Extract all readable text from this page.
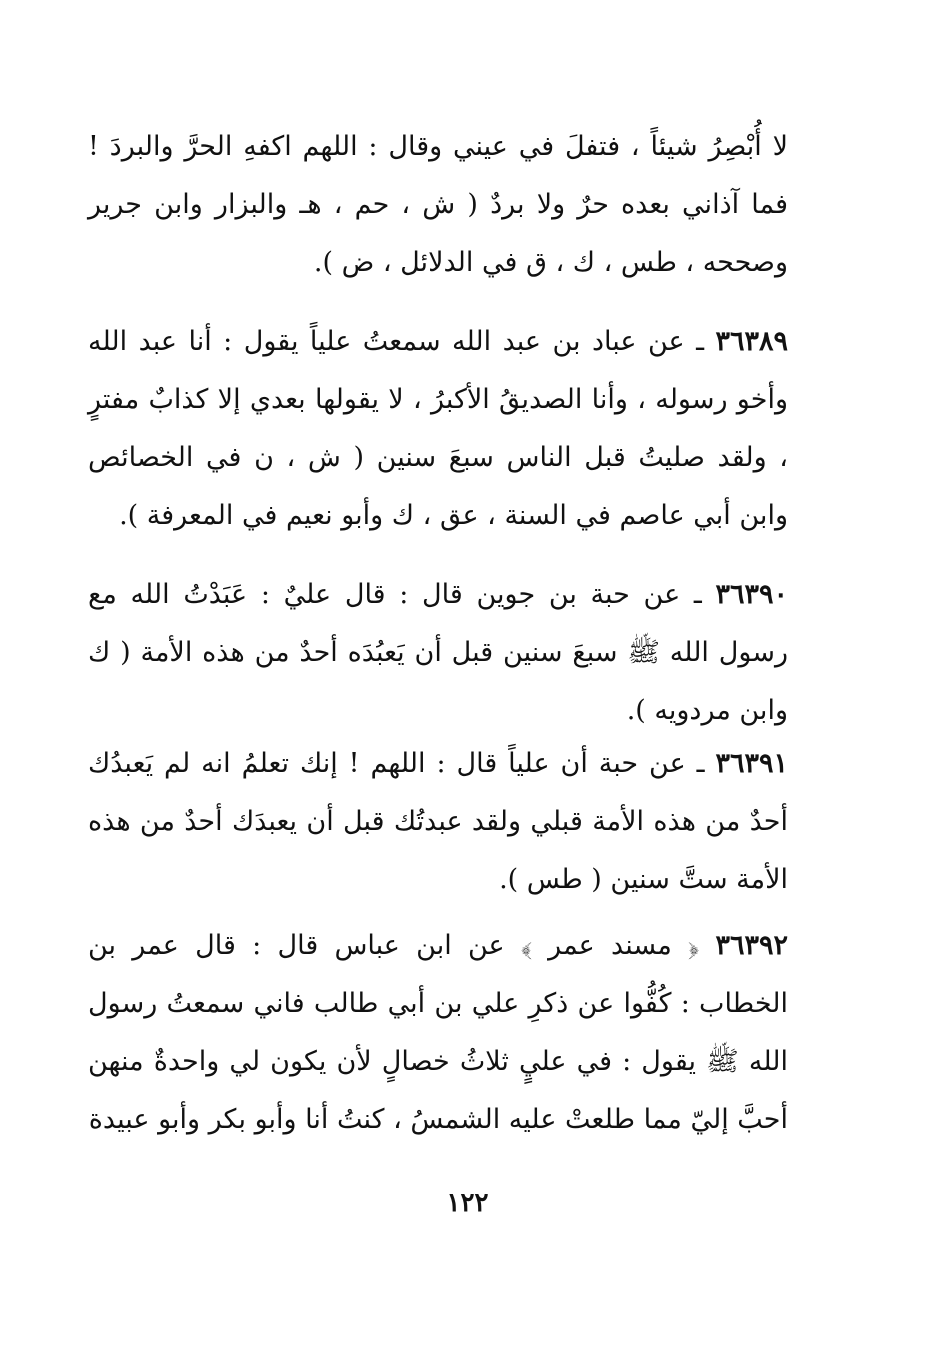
لا أُبْصِرُ شيئاً ، فتفلَ في عيني وقال : اللهم اكفهِ الحرَّ والبردَ ! فما آذاني بعده حرٌ ولا بردٌ ( ش ، حم ، هـ والبزار وابن جرير وصححه ، طس ، ك ، ق في الدلائل ، ض ).

٣٦٣٨٩ ـ عن عباد بن عبد الله سمعتُ علياً يقول : أنا عبد الله وأخو رسوله ، وأنا الصديقُ الأكبرُ ، لا يقولها بعدي إلا كذابٌ مفترٍ ، ولقد صليتُ قبل الناس سبعَ سنين ( ش ، ن في الخصائص وابن أبي عاصم في السنة ، عق ، ك وأبو نعيم في المعرفة ).

٣٦٣٩٠ ـ عن حبة بن جوين قال : قال عليٌ : عَبَدْتُ الله مع رسول الله ﷺ سبعَ سنين قبل أن يَعبُدَه أحدٌ من هذه الأمة ( ك وابن مردويه ).

٣٦٣٩١ ـ عن حبة أن علياً قال : اللهم ! إنك تعلمُ انه لم يَعبدُك أحدٌ من هذه الأمة قبلي ولقد عبدتُك قبل أن يعبدَك أحدٌ من هذه الأمة ستَّ سنين ( طس ).

٣٦٣٩٢ ﴿ مسند عمر ﴾ عن ابن عباس قال : قال عمر بن الخطاب : كُفُّوا عن ذكرِ علي بن أبي طالب فاني سمعتُ رسول الله ﷺ يقول : في عليٍ ثلاثُ خصالٍ لأن يكون لي واحدةٌ منهن أحبَّ إليّ مما طلعتْ عليه الشمسُ ، كنتُ أنا وأبو بكر وأبو عبيدة

١٢٢
